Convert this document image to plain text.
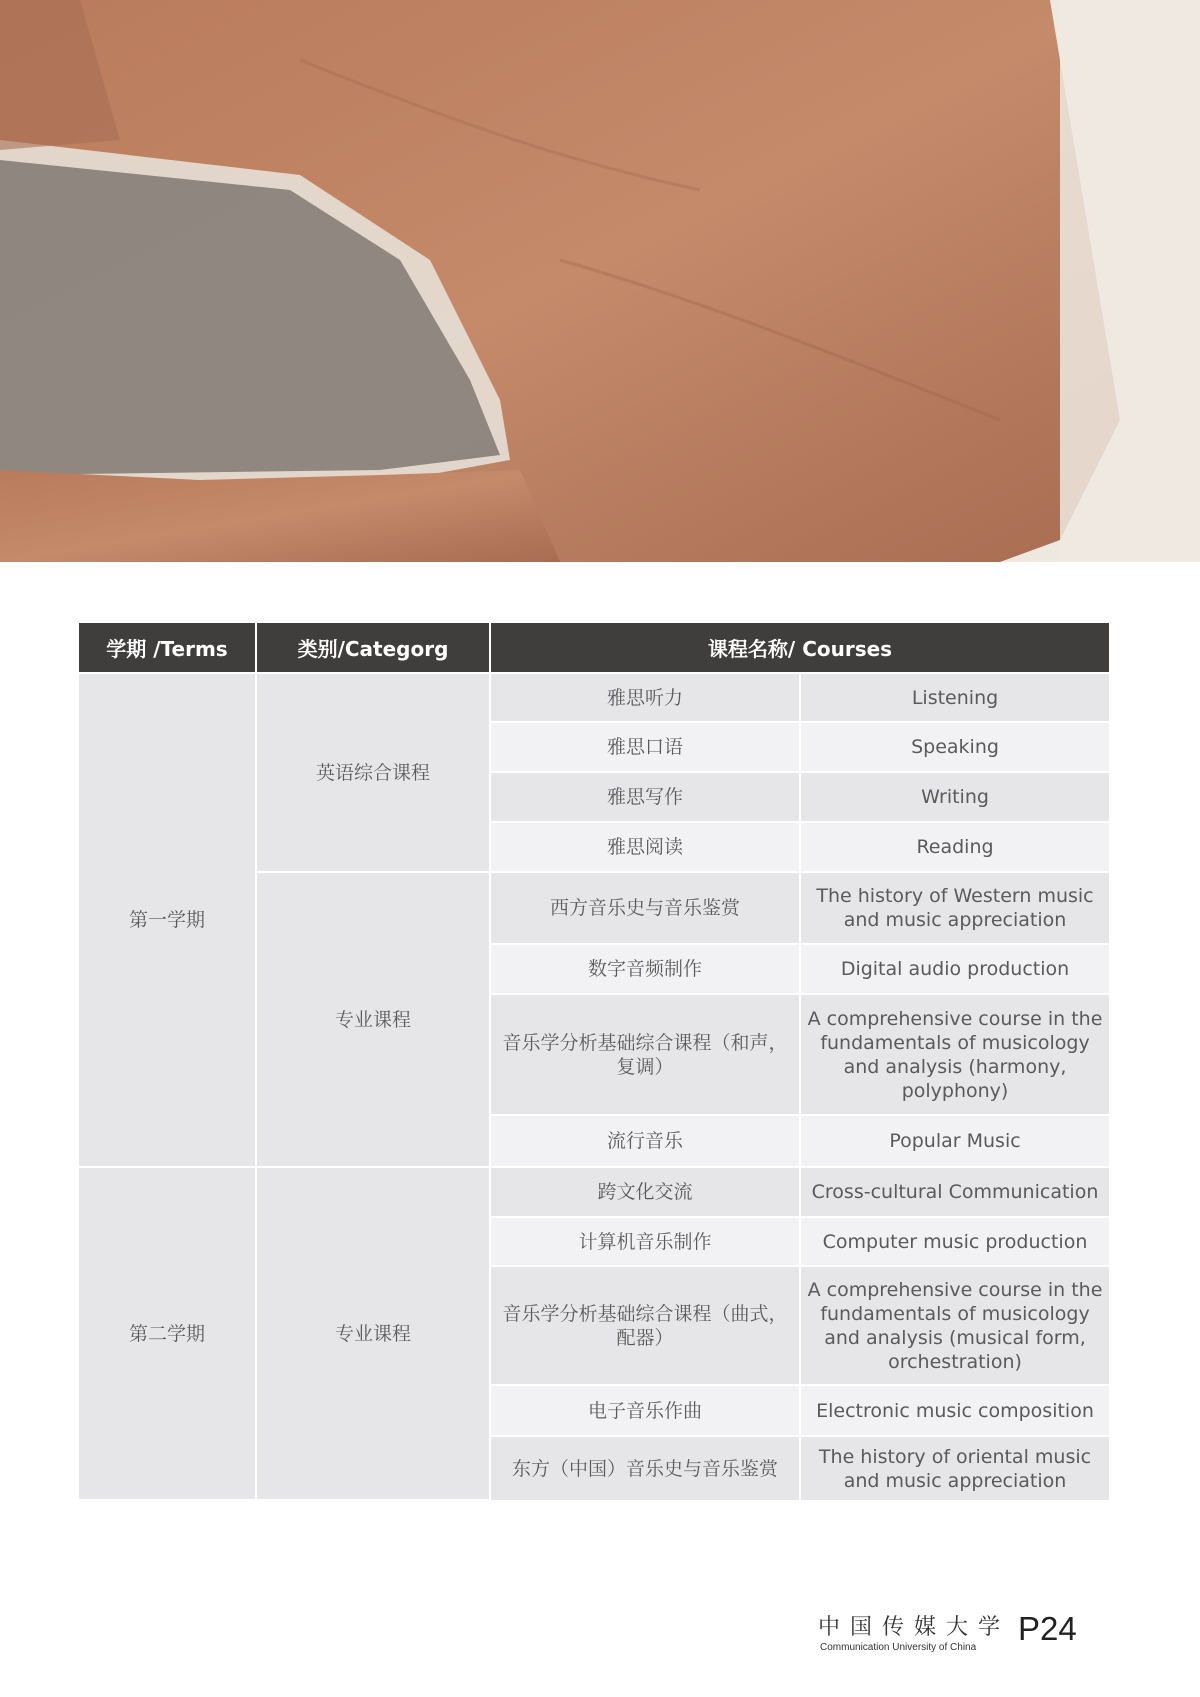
学期 /Terms	类别/Categorg	课程名称/ Courses	
第一学期	英语综合课程	雅思听力	Listening
		雅思口语	Speaking
		雅思写作	Writing
		雅思阅读	Reading
	专业课程	西方音乐史与音乐鉴赏	The history of Western music and music appreciation
		数字音频制作	Digital audio production
		音乐学分析基础综合课程（和声，复调）	A comprehensive course in the fundamentals of musicology and analysis (harmony, polyphony)
		流行音乐	Popular Music
第二学期	专业课程	跨文化交流	Cross-cultural Communication
		计算机音乐制作	Computer music production
		音乐学分析基础综合课程（曲式，配器）	A comprehensive course in the fundamentals of musicology and analysis (musical form, orchestration)
		电子音乐作曲	Electronic music composition
		东方（中国）音乐史与音乐鉴赏	The history of oriental music and music appreciation
中国传媒大学
Communication University of China
P24
